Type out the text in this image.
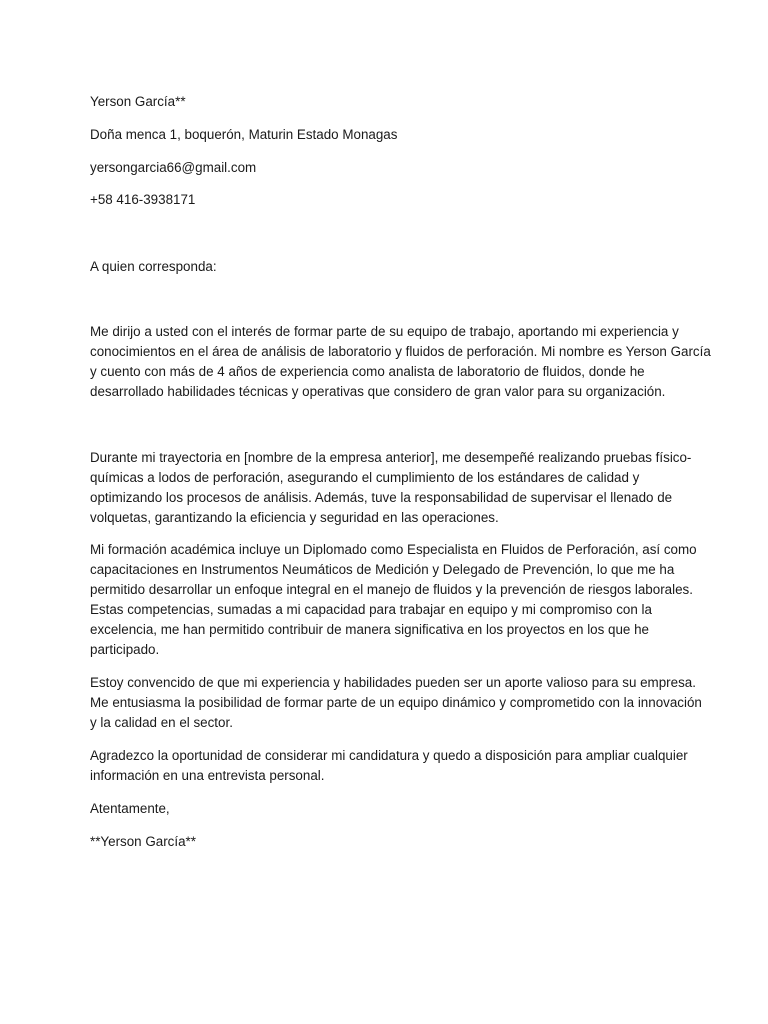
Yerson García**

Doña menca 1, boquerón, Maturin Estado Monagas

yersongarcia66@gmail.com

+58 416-3938171

A quien corresponda:

Me dirijo a usted con el interés de formar parte de su equipo de trabajo, aportando mi experiencia y
conocimientos en el área de análisis de laboratorio y fluidos de perforación. Mi nombre es Yerson García
y cuento con más de 4 años de experiencia como analista de laboratorio de fluidos, donde he
desarrollado habilidades técnicas y operativas que considero de gran valor para su organización.
Durante mi trayectoria en [nombre de la empresa anterior], me desempeñé realizando pruebas físico-
químicas a lodos de perforación, asegurando el cumplimiento de los estándares de calidad y
optimizando los procesos de análisis. Además, tuve la responsabilidad de supervisar el llenado de
volquetas, garantizando la eficiencia y seguridad en las operaciones.
Mi formación académica incluye un Diplomado como Especialista en Fluidos de Perforación, así como
capacitaciones en Instrumentos Neumáticos de Medición y Delegado de Prevención, lo que me ha
permitido desarrollar un enfoque integral en el manejo de fluidos y la prevención de riesgos laborales.
Estas competencias, sumadas a mi capacidad para trabajar en equipo y mi compromiso con la
excelencia, me han permitido contribuir de manera significativa en los proyectos en los que he
participado.
Estoy convencido de que mi experiencia y habilidades pueden ser un aporte valioso para su empresa.
Me entusiasma la posibilidad de formar parte de un equipo dinámico y comprometido con la innovación
y la calidad en el sector.
Agradezco la oportunidad de considerar mi candidatura y quedo a disposición para ampliar cualquier
información en una entrevista personal.

Atentamente,

**Yerson García**
